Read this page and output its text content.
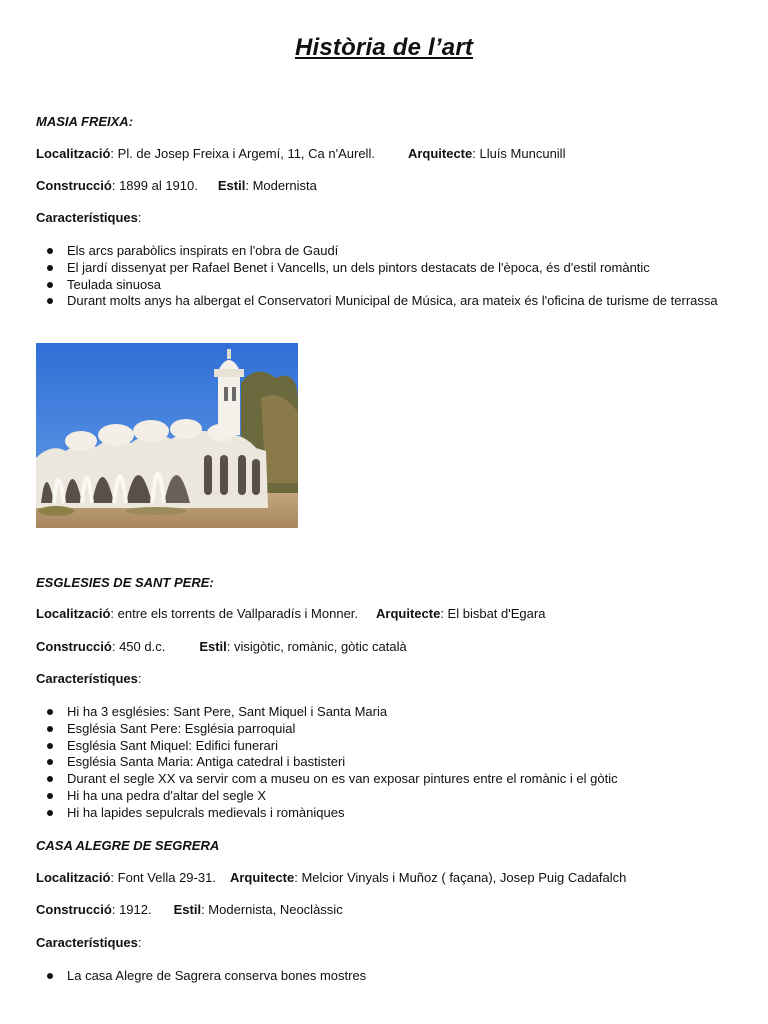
Història de l’art
MASIA FREIXA:
Localització: Pl. de Josep Freixa i Argemí, 11, Ca n'Aurell.	Arquitecte: Lluís Muncunill
Construcció: 1899 al 1910. Estil: Modernista
Característiques:
Els arcs parabòlics inspirats en l'obra de Gaudí
El jardí dissenyat per Rafael Benet i Vancells, un dels pintors destacats de l'època, és d'estil romàntic
Teulada sinuosa
Durant molts anys ha albergat el Conservatori Municipal de Música, ara mateix és l'oficina de turisme de terrassa
ESGLESIES DE SANT PERE:
Localització: entre els torrents de Vallparadís i Monner. Arquitecte: El bisbat d'Egara
Construcció: 450 d.c.	Estil: visigòtic, romànic, gòtic català
Característiques:
Hi ha 3 esglésies: Sant Pere, Sant Miquel i Santa Maria
Església Sant Pere: Església parroquial
Església Sant Miquel: Edifici funerari
Església Santa Maria: Antiga catedral i bastisteri
Durant el segle XX va servir com a museu on es van exposar pintures entre el romànic i el gòtic
Hi ha una pedra d'altar del segle X
Hi ha lapides sepulcrals medievals i romàniques
CASA ALEGRE DE SEGRERA
Localització: Font Vella 29-31. Arquitecte: Melcior Vinyals i Muñoz ( façana), Josep Puig Cadafalch
Construcció: 1912. Estil: Modernista, Neoclàssic
Característiques:
La casa Alegre de Sagrera conserva bones mostres
